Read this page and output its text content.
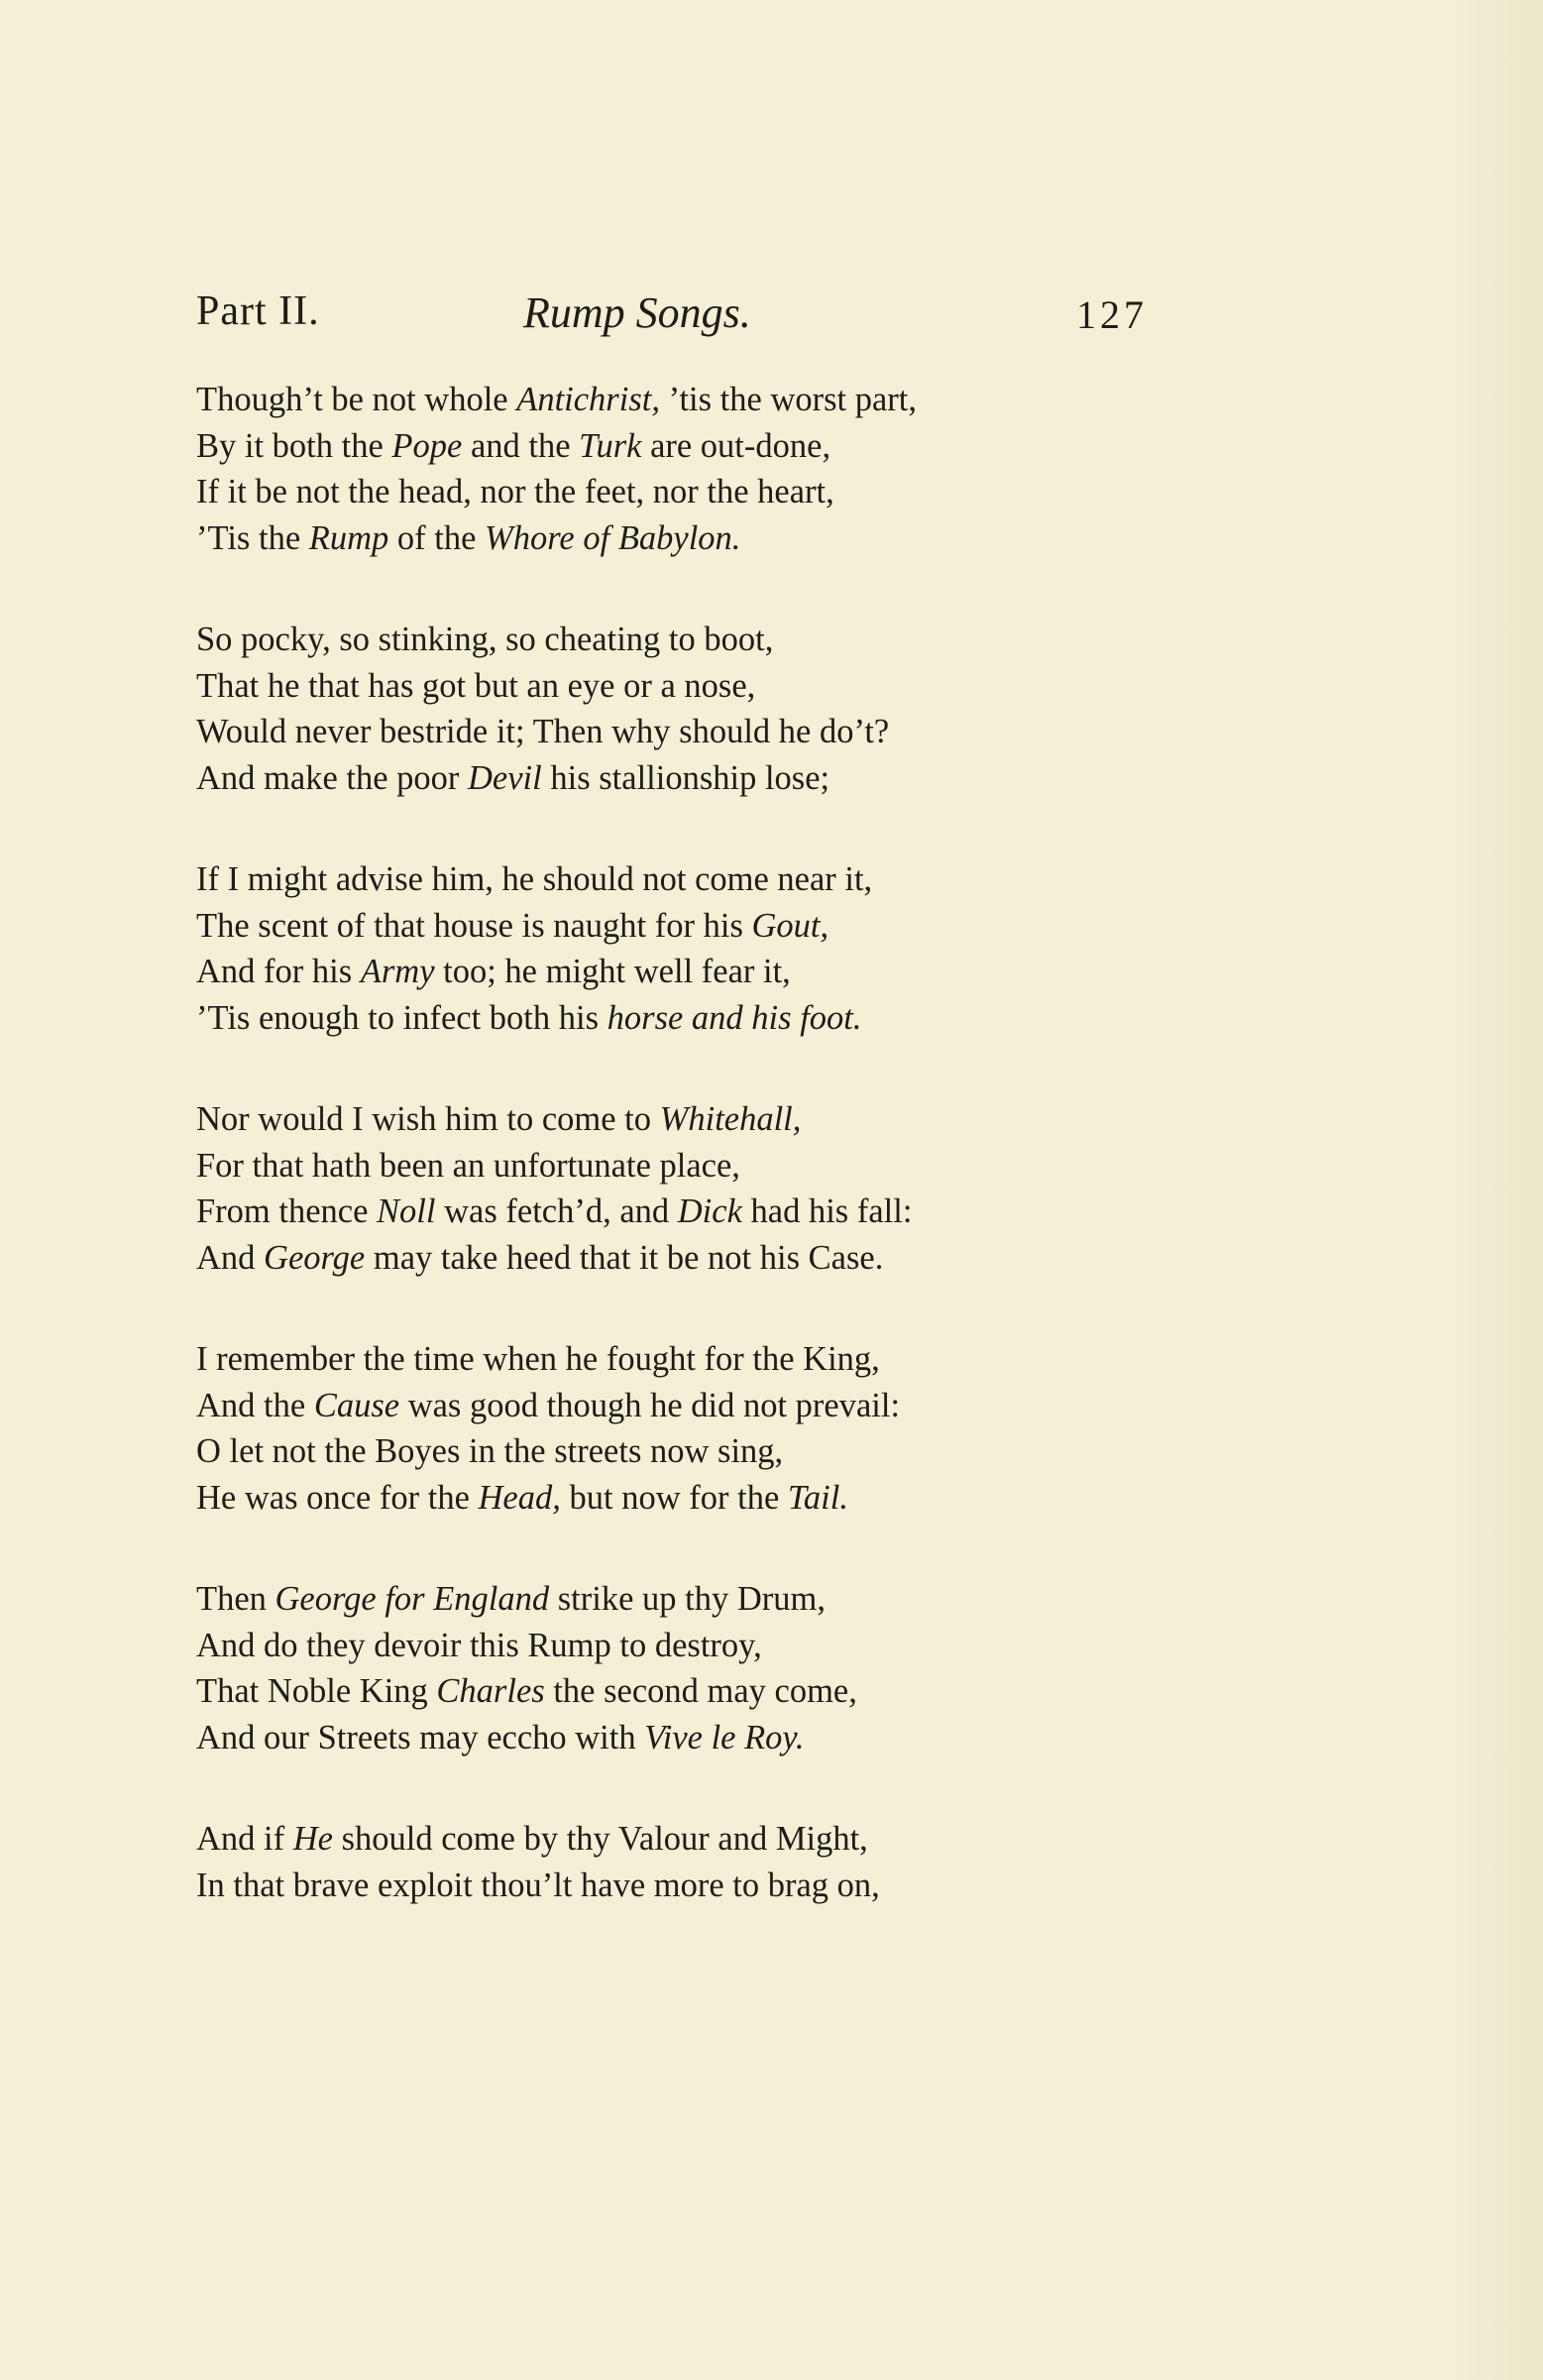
Part II.	Rump Songs.	127
Though’t be not whole Antichrist, ’tis the worst part,
By it both the Pope and the Turk are out-done,
If it be not the head, nor the feet, nor the heart,
’Tis the Rump of the Whore of Babylon.
So pocky, so stinking, so cheating to boot,
That he that has got but an eye or a nose,
Would never bestride it; Then why should he do’t?
And make the poor Devil his stallionship lose;
If I might advise him, he should not come near it,
The scent of that house is naught for his Gout,
And for his Army too; he might well fear it,
’Tis enough to infect both his horse and his foot.
Nor would I wish him to come to Whitehall,
For that hath been an unfortunate place,
From thence Noll was fetch’d, and Dick had his fall:
And George may take heed that it be not his Case.
I remember the time when he fought for the King,
And the Cause was good though he did not prevail:
O let not the Boyes in the streets now sing,
He was once for the Head, but now for the Tail.
Then George for England strike up thy Drum,
And do they devoir this Rump to destroy,
That Noble King Charles the second may come,
And our Streets may eccho with Vive le Roy.
And if He should come by thy Valour and Might,
In that brave exploit thou’lt have more to brag on,
